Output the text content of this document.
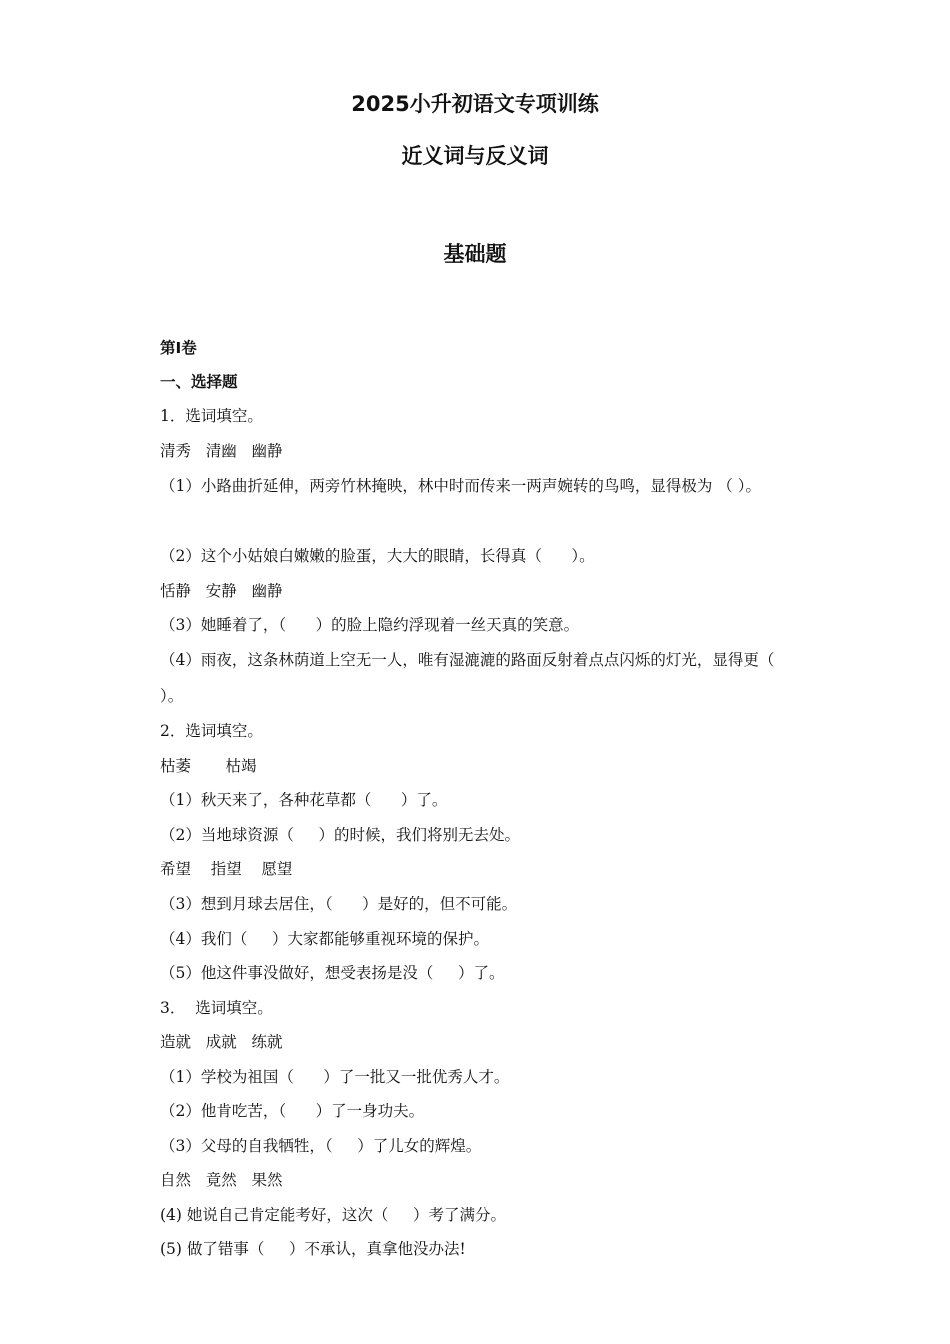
2025小升初语文专项训练
近义词与反义词
基础题
第Ⅰ卷
一、选择题
1．选词填空。
清秀   清幽   幽静
（1）小路曲折延伸，两旁竹林掩映，林中时而传来一两声婉转的鸟鸣，显得极为 （ ）。
（2）这个小姑娘白嫩嫩的脸蛋，大大的眼睛，长得真（      ）。
恬静   安静   幽静
（3）她睡着了，（      ）的脸上隐约浮现着一丝天真的笑意。
（4）雨夜，这条林荫道上空无一人，唯有湿漉漉的路面反射着点点闪烁的灯光，显得更（ ）。
2．选词填空。
枯萎       枯竭
（1）秋天来了，各种花草都（      ）了。
（2）当地球资源（     ）的时候，我们将别无去处。
希望    指望    愿望
（3）想到月球去居住，（      ）是好的，但不可能。
（4）我们（     ）大家都能够重视环境的保护。
（5）他这件事没做好，想受表扬是没（     ）了。
3．  选词填空。
造就   成就   练就
（1）学校为祖国（      ）了一批又一批优秀人才。
（2）他肯吃苦，（      ）了一身功夫。
（3）父母的自我牺牲，（     ）了儿女的辉煌。
自然   竟然   果然
(4) 她说自己肯定能考好，这次（     ）考了满分。
(5) 做了错事（     ）不承认，真拿他没办法!
